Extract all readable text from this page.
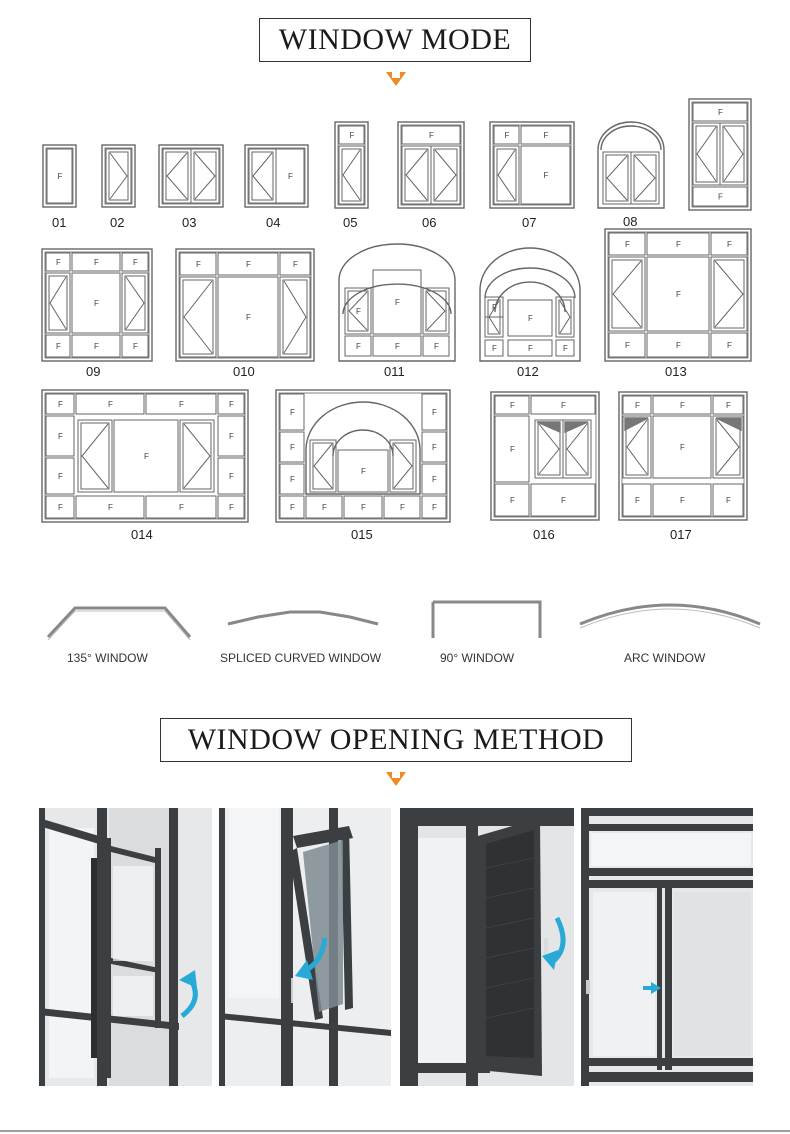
WINDOW MODE
F	F
F	F	F	F
F
F
F
F	F	F
F
F	F	F
F	F	F
F
F
F
F	F	F
F
F
F	F	F
F	F	F
F
F	F	F
F	F	F	F
F
F
F
F	F
F	F	F	F
F
F
F
F
F
F
F
F
F
F	F	F
F	F
F
F	F
F	F	F
F
F	F	F
01	02	03	04	05	06	07	08
09	010	011	012	013
014	015	016	017
135° WINDOW	SPLICED CURVED WINDOW	90° WINDOW	ARC WINDOW
WINDOW OPENING METHOD
